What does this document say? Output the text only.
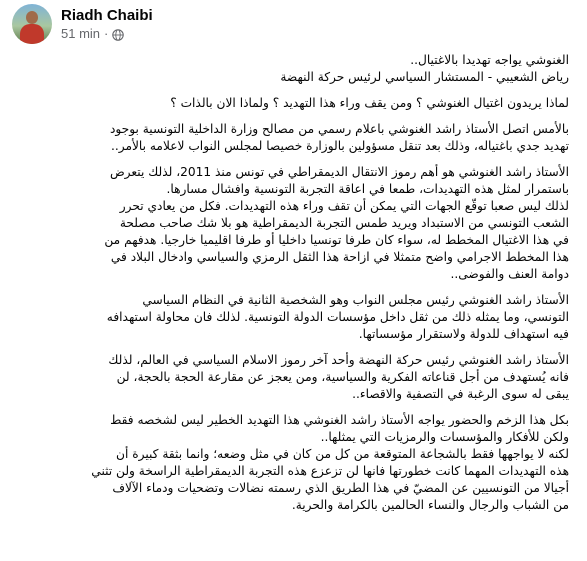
Riadh Chaibi
51 min ·
الغنوشي يواجه تهديدا بالاغتيال..
رياض الشعيبي - المستشار السياسي لرئيس حركة النهضة
لماذا يريدون اغتيال الغنوشي ؟ ومن يقف وراء هذا التهديد ؟ ولماذا الان بالذات ؟
بالأمس اتصل الأستاذ راشد الغنوشي باعلام رسمي من مصالح وزارة الداخلية التونسية بوجود
تهديد جدي باغتياله، وذلك بعد تنقل مسؤولين بالوزارة خصيصا لمجلس النواب لاعلامه بالأمر..
الأستاذ راشد الغنوشي هو أهم رموز الانتقال الديمقراطي في تونس منذ 2011، لذلك يتعرض
باستمرار لمثل هذه التهديدات، طمعا في اعاقة التجربة التونسية وافشال مسارها.
لذلك ليس صعبا توقّع الجهات التي يمكن أن تقف وراء هذه التهديدات. فكل من يعادي تحرر
الشعب التونسي من الاستبداد ويريد طمس التجربة الديمقراطية هو بلا شك صاحب مصلحة
في هذا الاغتيال المخطط له، سواء كان طرفا تونسيا داخليا أو طرفا اقليميا خارجيا. هدفهم من
هذا المخطط الاجرامي واضح متمثلا في ازاحة هذا الثقل الرمزي والسياسي وادخال البلاد في
دوامة العنف والفوضى..
الأستاذ راشد الغنوشي رئيس مجلس النواب وهو الشخصية الثانية في النظام السياسي
التونسي، وما يمثله ذلك من ثقل داخل مؤسسات الدولة التونسية. لذلك فان محاولة استهدافه
فيه استهداف للدولة ولاستقرار مؤسساتها.
الأستاذ راشد الغنوشي رئيس حركة النهضة وأحد آخر رموز الاسلام السياسي في العالم، لذلك
فانه يُستهدف من أجل قناعاته الفكرية والسياسية، ومن يعجز عن مقارعة الحجة بالحجة، لن
يبقى له سوى الرغبة في التصفية والاقصاء..
بكل هذا الزخم والحضور يواجه الأستاذ راشد الغنوشي هذا التهديد الخطير ليس لشخصه فقط
ولكن للأفكار والمؤسسات والرمزيات التي يمثلها..
لكنه لا يواجهها فقط بالشجاعة المتوقعة من كل من كان في مثل وضعه؛ وانما بثقة كبيرة أن
هذه التهديدات المهما كانت خطورتها فانها لن تزعزع هذه التجربة الديمقراطية الراسخة ولن تثني
أجيالا من التونسيين عن المضيّ في هذا الطريق الذي رسمته نضالات وتضحيات ودماء الآلاف
من الشباب والرجال والنساء الحالمين بالكرامة والحرية.
